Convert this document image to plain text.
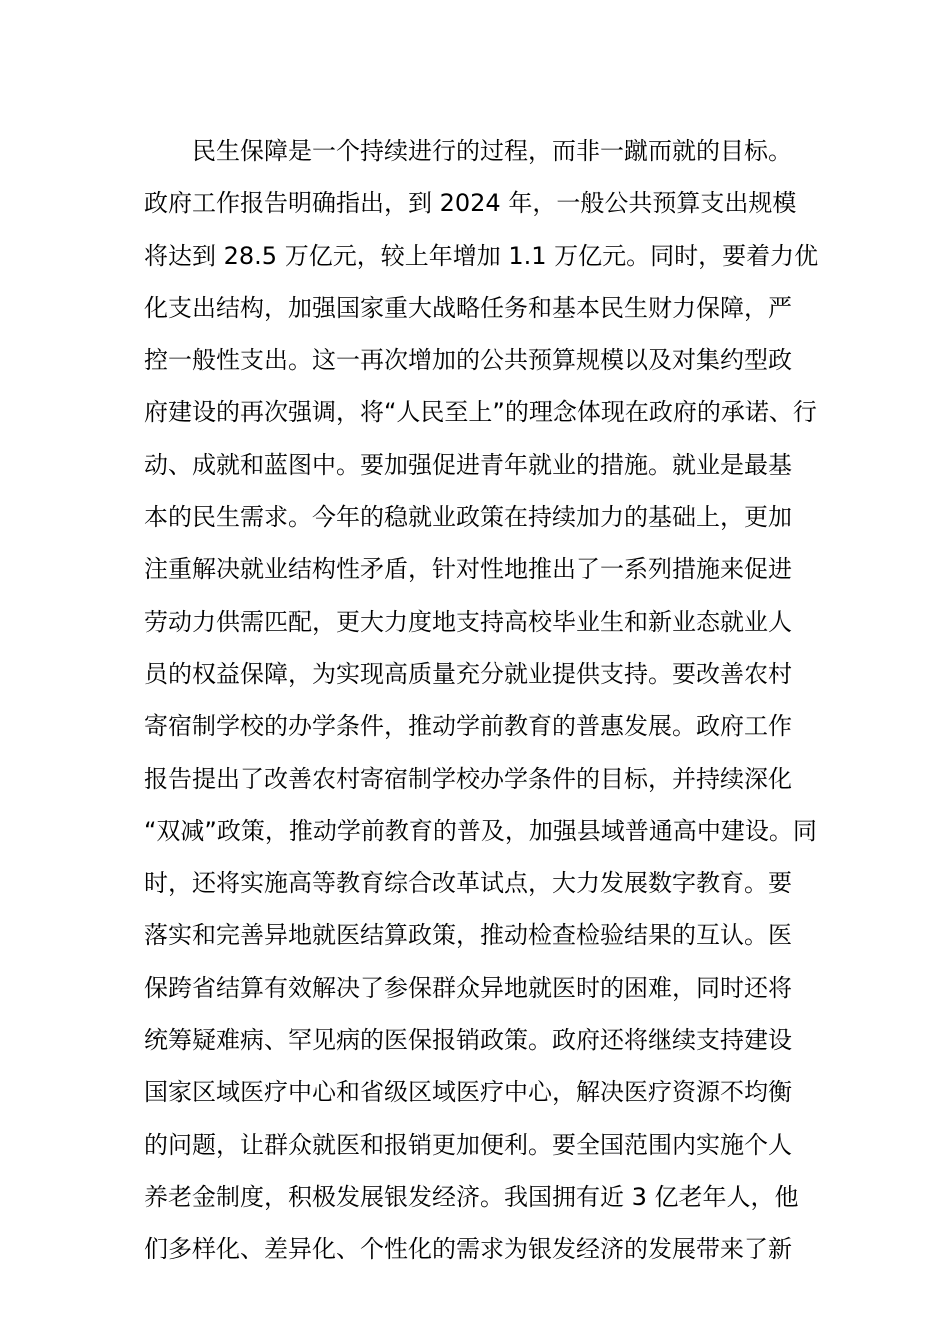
民生保障是一个持续进行的过程，而非一蹴而就的目标。
政府工作报告明确指出，到 2024 年，一般公共预算支出规模
将达到 28.5 万亿元，较上年增加 1.1 万亿元。同时，要着力优
化支出结构，加强国家重大战略任务和基本民生财力保障，严
控一般性支出。这一再次增加的公共预算规模以及对集约型政
府建设的再次强调，将“人民至上”的理念体现在政府的承诺、行
动、成就和蓝图中。要加强促进青年就业的措施。就业是最基
本的民生需求。今年的稳就业政策在持续加力的基础上，更加
注重解决就业结构性矛盾，针对性地推出了一系列措施来促进
劳动力供需匹配，更大力度地支持高校毕业生和新业态就业人
员的权益保障，为实现高质量充分就业提供支持。要改善农村
寄宿制学校的办学条件，推动学前教育的普惠发展。政府工作
报告提出了改善农村寄宿制学校办学条件的目标，并持续深化
“双减”政策，推动学前教育的普及，加强县域普通高中建设。同
时，还将实施高等教育综合改革试点，大力发展数字教育。要
落实和完善异地就医结算政策，推动检查检验结果的互认。医
保跨省结算有效解决了参保群众异地就医时的困难，同时还将
统筹疑难病、罕见病的医保报销政策。政府还将继续支持建设
国家区域医疗中心和省级区域医疗中心，解决医疗资源不均衡
的问题，让群众就医和报销更加便利。要全国范围内实施个人
养老金制度，积极发展银发经济。我国拥有近 3 亿老年人，他
们多样化、差异化、个性化的需求为银发经济的发展带来了新
